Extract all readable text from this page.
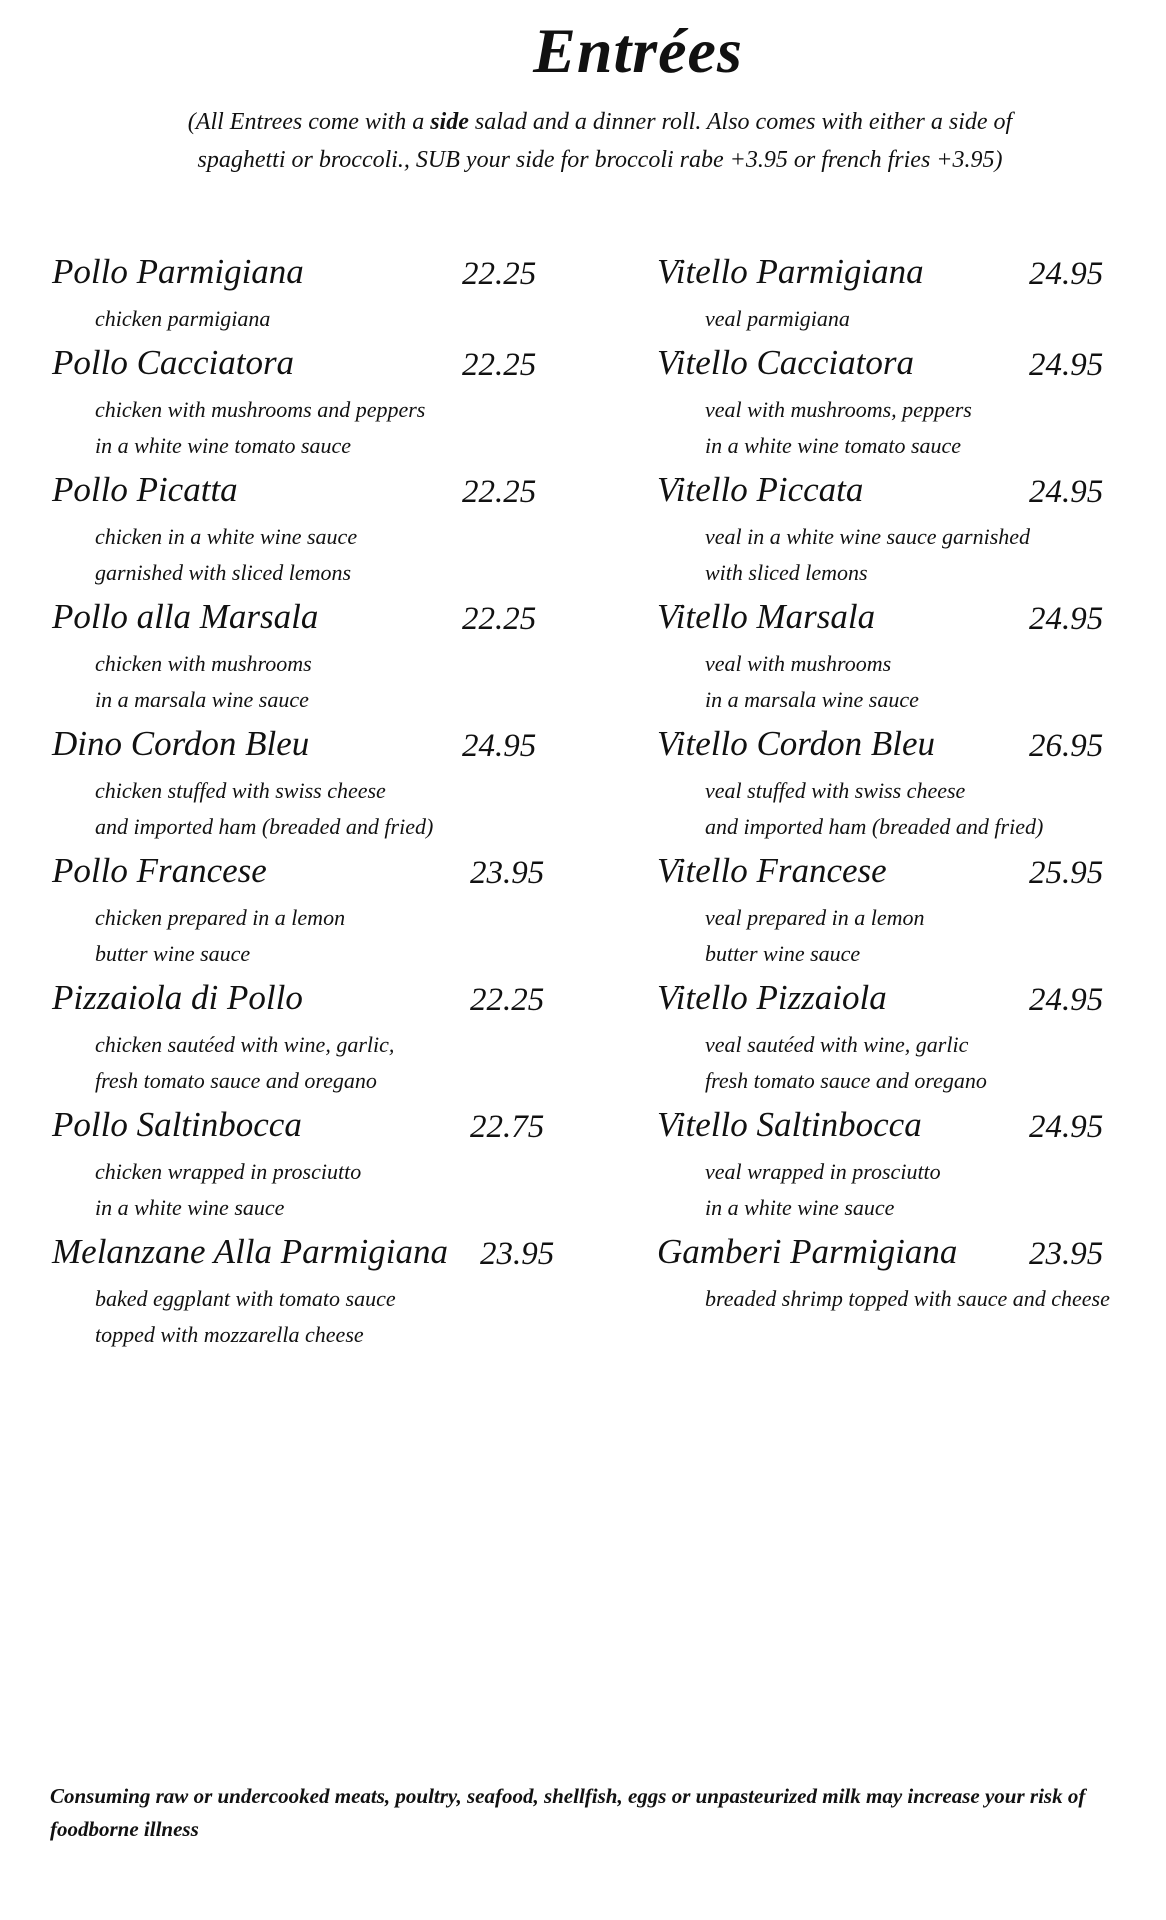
Entrées
(All Entrees come with a side salad and a dinner roll. Also comes with either a side of
spaghetti or broccoli., SUB your side for broccoli rabe +3.95 or french fries +3.95)
Pollo Parmigiana	22.25
chicken parmigiana
Pollo Cacciatora	22.25
chicken with mushrooms and peppers
in a white wine tomato sauce
Pollo Picatta	22.25
chicken in a white wine sauce
garnished with sliced lemons
Pollo alla Marsala	22.25
chicken with mushrooms
in a marsala wine sauce
Dino Cordon Bleu	24.95
chicken stuffed with swiss cheese
and imported ham (breaded and fried)
Pollo Francese	23.95
chicken prepared in a lemon
butter wine sauce
Pizzaiola di Pollo	22.25
chicken sautéed with wine, garlic,
fresh tomato sauce and oregano
Pollo Saltinbocca	22.75
chicken wrapped in prosciutto
in a white wine sauce
Melanzane Alla Parmigiana 23.95
baked eggplant with tomato sauce
topped with mozzarella cheese
Vitello Parmigiana	24.95
veal parmigiana
Vitello Cacciatora	24.95
veal with mushrooms, peppers
in a white wine tomato sauce
Vitello Piccata	24.95
veal in a white wine sauce garnished
with sliced lemons
Vitello Marsala	24.95
veal with mushrooms
in a marsala wine sauce
Vitello Cordon Bleu	26.95
veal stuffed with swiss cheese
and imported ham (breaded and fried)
Vitello Francese	25.95
veal prepared in a lemon
butter wine sauce
Vitello Pizzaiola	24.95
veal sautéed with wine, garlic
fresh tomato sauce and oregano
Vitello Saltinbocca	24.95
veal wrapped in prosciutto
in a white wine sauce
Gamberi Parmigiana 23.95
breaded shrimp topped with sauce and cheese
Consuming raw or undercooked meats, poultry, seafood, shellfish, eggs or unpasteurized milk may increase your risk of foodborne illness
